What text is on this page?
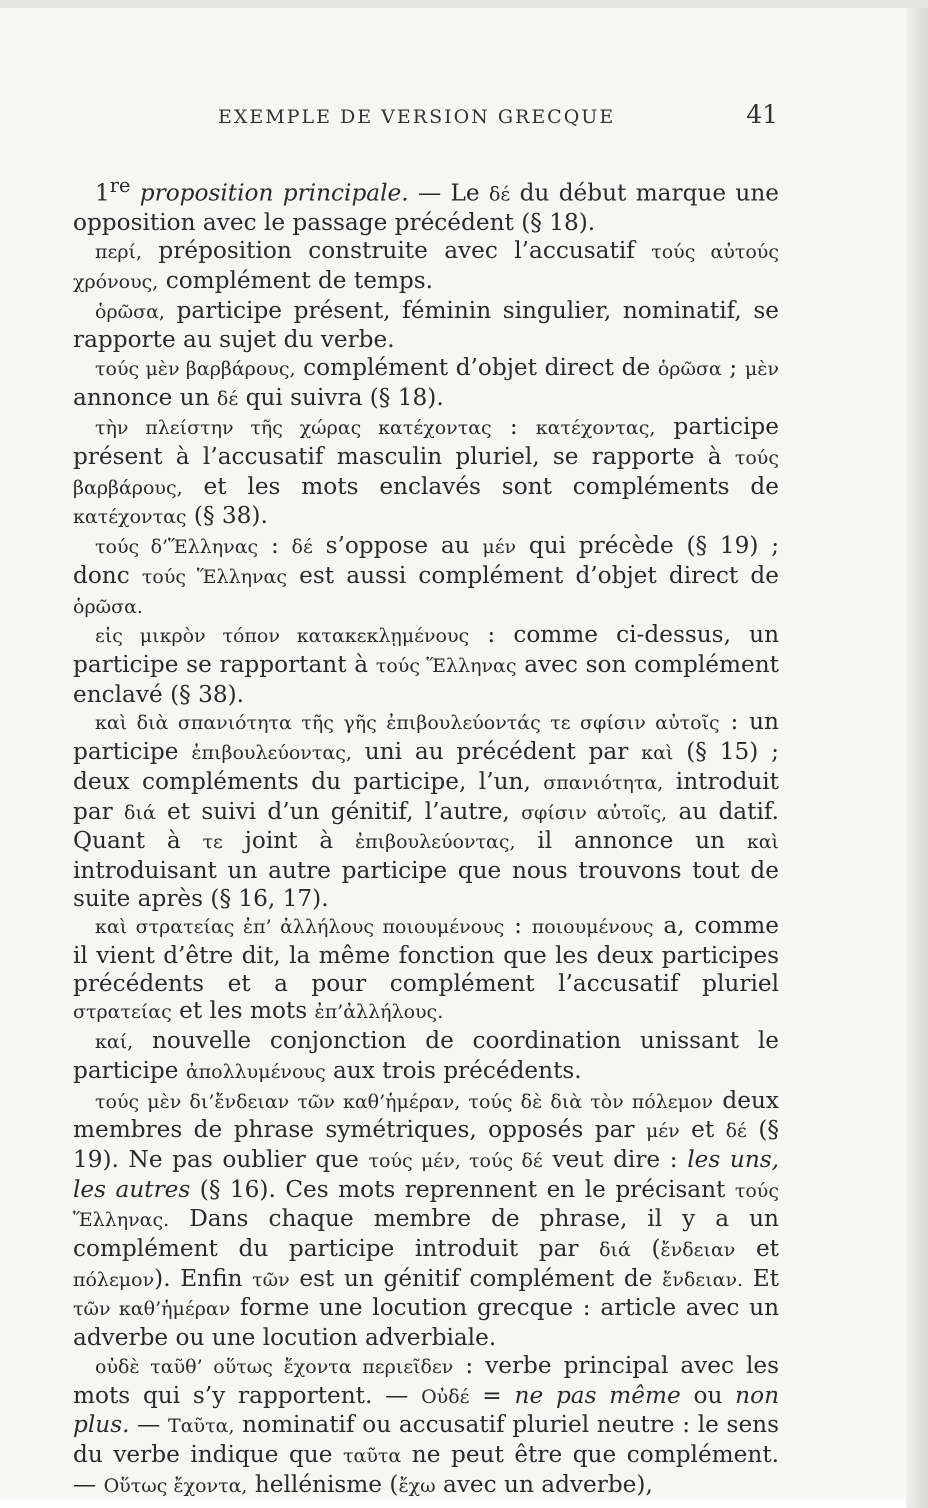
EXEMPLE DE VERSION GRECQUE	41

1re proposition principale. — Le δέ du début marque une opposition avec le passage précédent (§ 18).

περί, préposition construite avec l’accusatif τούς αὐτούς χρόνους, complément de temps.

ὁρῶσα, participe présent, féminin singulier, nominatif, se rapporte au sujet du verbe.

τούς μὲν βαρβάρους, complément d’objet direct de ὁρῶσα ; μὲν annonce un δέ qui suivra (§ 18).

τὴν πλείστην τῆς χώρας κατέχοντας : κατέχοντας, participe présent à l’accusatif masculin pluriel, se rapporte à τούς βαρβάρους, et les mots enclavés sont compléments de κατέχοντας (§ 38).

τούς δ’Ἕλληνας : δέ s’oppose au μέν qui précède (§ 19) ; donc τούς Ἕλληνας est aussi complément d’objet direct de ὁρῶσα.

εἰς μικρὸν τόπον κατακεκλῃμένους : comme ci-dessus, un participe se rapportant à τούς Ἕλληνας avec son complément enclavé (§ 38).

καὶ διὰ σπανιότητα τῆς γῆς ἐπιβουλεύοντάς τε σφίσιν αὐτοῖς : un participe ἐπιβουλεύοντας, uni au précédent par καὶ (§ 15) ; deux compléments du participe, l’un, σπανιότητα, introduit par διά et suivi d’un génitif, l’autre, σφίσιν αὐτοῖς, au datif. Quant à τε joint à ἐπιβουλεύοντας, il annonce un καὶ introduisant un autre participe que nous trouvons tout de suite après (§ 16, 17).

καὶ στρατείας ἐπ’ ἀλλήλους ποιουμένους : ποιουμένους a, comme il vient d’être dit, la même fonction que les deux participes précédents et a pour complément l’accusatif pluriel στρατείας et les mots ἐπ’ἀλλήλους.

καί, nouvelle conjonction de coordination unissant le participe ἀπολλυμένους aux trois précédents.

τούς μὲν δι’ἔνδειαν τῶν καθ’ἡμέραν, τούς δὲ διὰ τὸν πόλεμον deux membres de phrase symétriques, opposés par μέν et δέ (§ 19). Ne pas oublier que τούς μέν, τούς δέ veut dire : les uns, les autres (§ 16). Ces mots reprennent en le précisant τούς Ἕλληνας. Dans chaque membre de phrase, il y a un complément du participe introduit par διά (ἔνδειαν et πόλεμον). Enfin τῶν est un génitif complément de ἔνδειαν. Et τῶν καθ’ἡμέραν forme une locution grecque : article avec un adverbe ou une locution adverbiale.

οὐδὲ ταῦθ’ οὕτως ἔχοντα περιεῖδεν : verbe principal avec les mots qui s’y rapportent. — Οὐδέ = ne pas même ou non plus. — Ταῦτα, nominatif ou accusatif pluriel neutre : le sens du verbe indique que ταῦτα ne peut être que complément. — Οὕτως ἔχοντα, hellénisme (ἔχω avec un adverbe),
